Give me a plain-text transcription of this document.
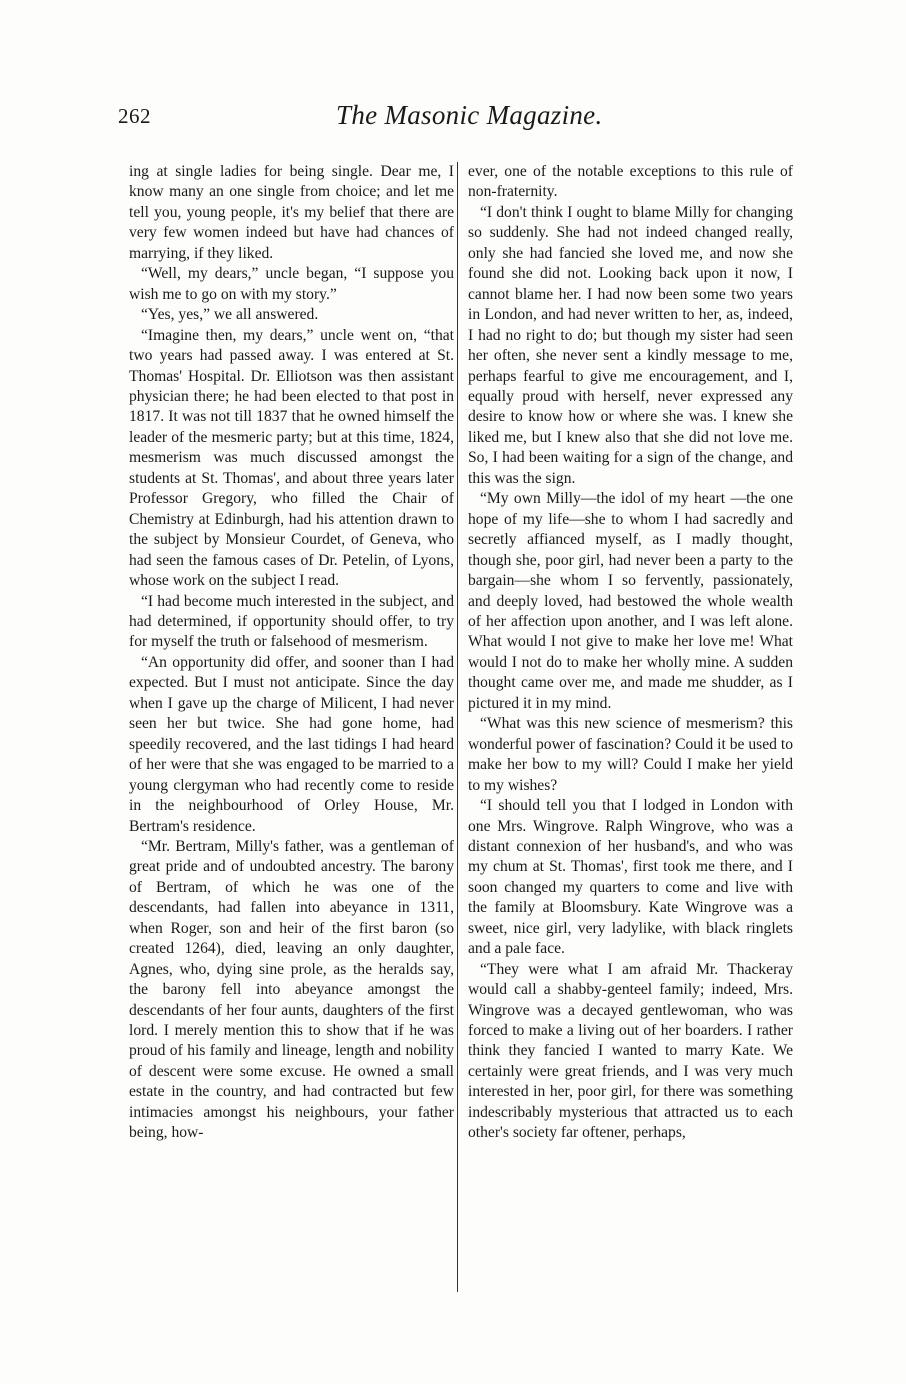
262	The Masonic Magazine.

ing at single ladies for being single. Dear me, I know many an one single from choice; and let me tell you, young people, it's my belief that there are very few women indeed but have had chances of marrying, if they liked.

“Well, my dears,” uncle began, “I suppose you wish me to go on with my story.”

“Yes, yes,” we all answered.

“Imagine then, my dears,” uncle went on, “that two years had passed away. I was entered at St. Thomas' Hospital. Dr. Elliotson was then assistant physician there; he had been elected to that post in 1817. It was not till 1837 that he owned himself the leader of the mesmeric party; but at this time, 1824, mesmerism was much discussed amongst the students at St. Thomas', and about three years later Professor Gregory, who filled the Chair of Chemistry at Edinburgh, had his attention drawn to the subject by Monsieur Courdet, of Geneva, who had seen the famous cases of Dr. Petelin, of Lyons, whose work on the subject I read.

“I had become much interested in the subject, and had determined, if opportunity should offer, to try for myself the truth or falsehood of mesmerism.

“An opportunity did offer, and sooner than I had expected. But I must not anticipate. Since the day when I gave up the charge of Milicent, I had never seen her but twice. She had gone home, had speedily recovered, and the last tidings I had heard of her were that she was engaged to be married to a young clergyman who had recently come to reside in the neighbourhood of Orley House, Mr. Bertram's residence.

“Mr. Bertram, Milly's father, was a gentleman of great pride and of undoubted ancestry. The barony of Bertram, of which he was one of the descendants, had fallen into abeyance in 1311, when Roger, son and heir of the first baron (so created 1264), died, leaving an only daughter, Agnes, who, dying sine prole, as the heralds say, the barony fell into abeyance amongst the descendants of her four aunts, daughters of the first lord. I merely mention this to show that if he was proud of his family and lineage, length and nobility of descent were some excuse. He owned a small estate in the country, and had contracted but few intimacies amongst his neighbours, your father being, how-

ever, one of the notable exceptions to this rule of non-fraternity.

“I don't think I ought to blame Milly for changing so suddenly. She had not indeed changed really, only she had fancied she loved me, and now she found she did not. Looking back upon it now, I cannot blame her. I had now been some two years in London, and had never written to her, as, indeed, I had no right to do; but though my sister had seen her often, she never sent a kindly message to me, perhaps fearful to give me encouragement, and I, equally proud with herself, never expressed any desire to know how or where she was. I knew she liked me, but I knew also that she did not love me. So, I had been waiting for a sign of the change, and this was the sign.

“My own Milly—the idol of my heart —the one hope of my life—she to whom I had sacredly and secretly affianced myself, as I madly thought, though she, poor girl, had never been a party to the bargain—she whom I so fervently, passionately, and deeply loved, had bestowed the whole wealth of her affection upon another, and I was left alone. What would I not give to make her love me! What would I not do to make her wholly mine. A sudden thought came over me, and made me shudder, as I pictured it in my mind.

“What was this new science of mesmerism? this wonderful power of fascination? Could it be used to make her bow to my will? Could I make her yield to my wishes?

“I should tell you that I lodged in London with one Mrs. Wingrove. Ralph Wingrove, who was a distant connexion of her husband's, and who was my chum at St. Thomas', first took me there, and I soon changed my quarters to come and live with the family at Bloomsbury. Kate Wingrove was a sweet, nice girl, very ladylike, with black ringlets and a pale face.

“They were what I am afraid Mr. Thackeray would call a shabby-genteel family; indeed, Mrs. Wingrove was a decayed gentlewoman, who was forced to make a living out of her boarders. I rather think they fancied I wanted to marry Kate. We certainly were great friends, and I was very much interested in her, poor girl, for there was something indescribably mysterious that attracted us to each other's society far oftener, perhaps,
